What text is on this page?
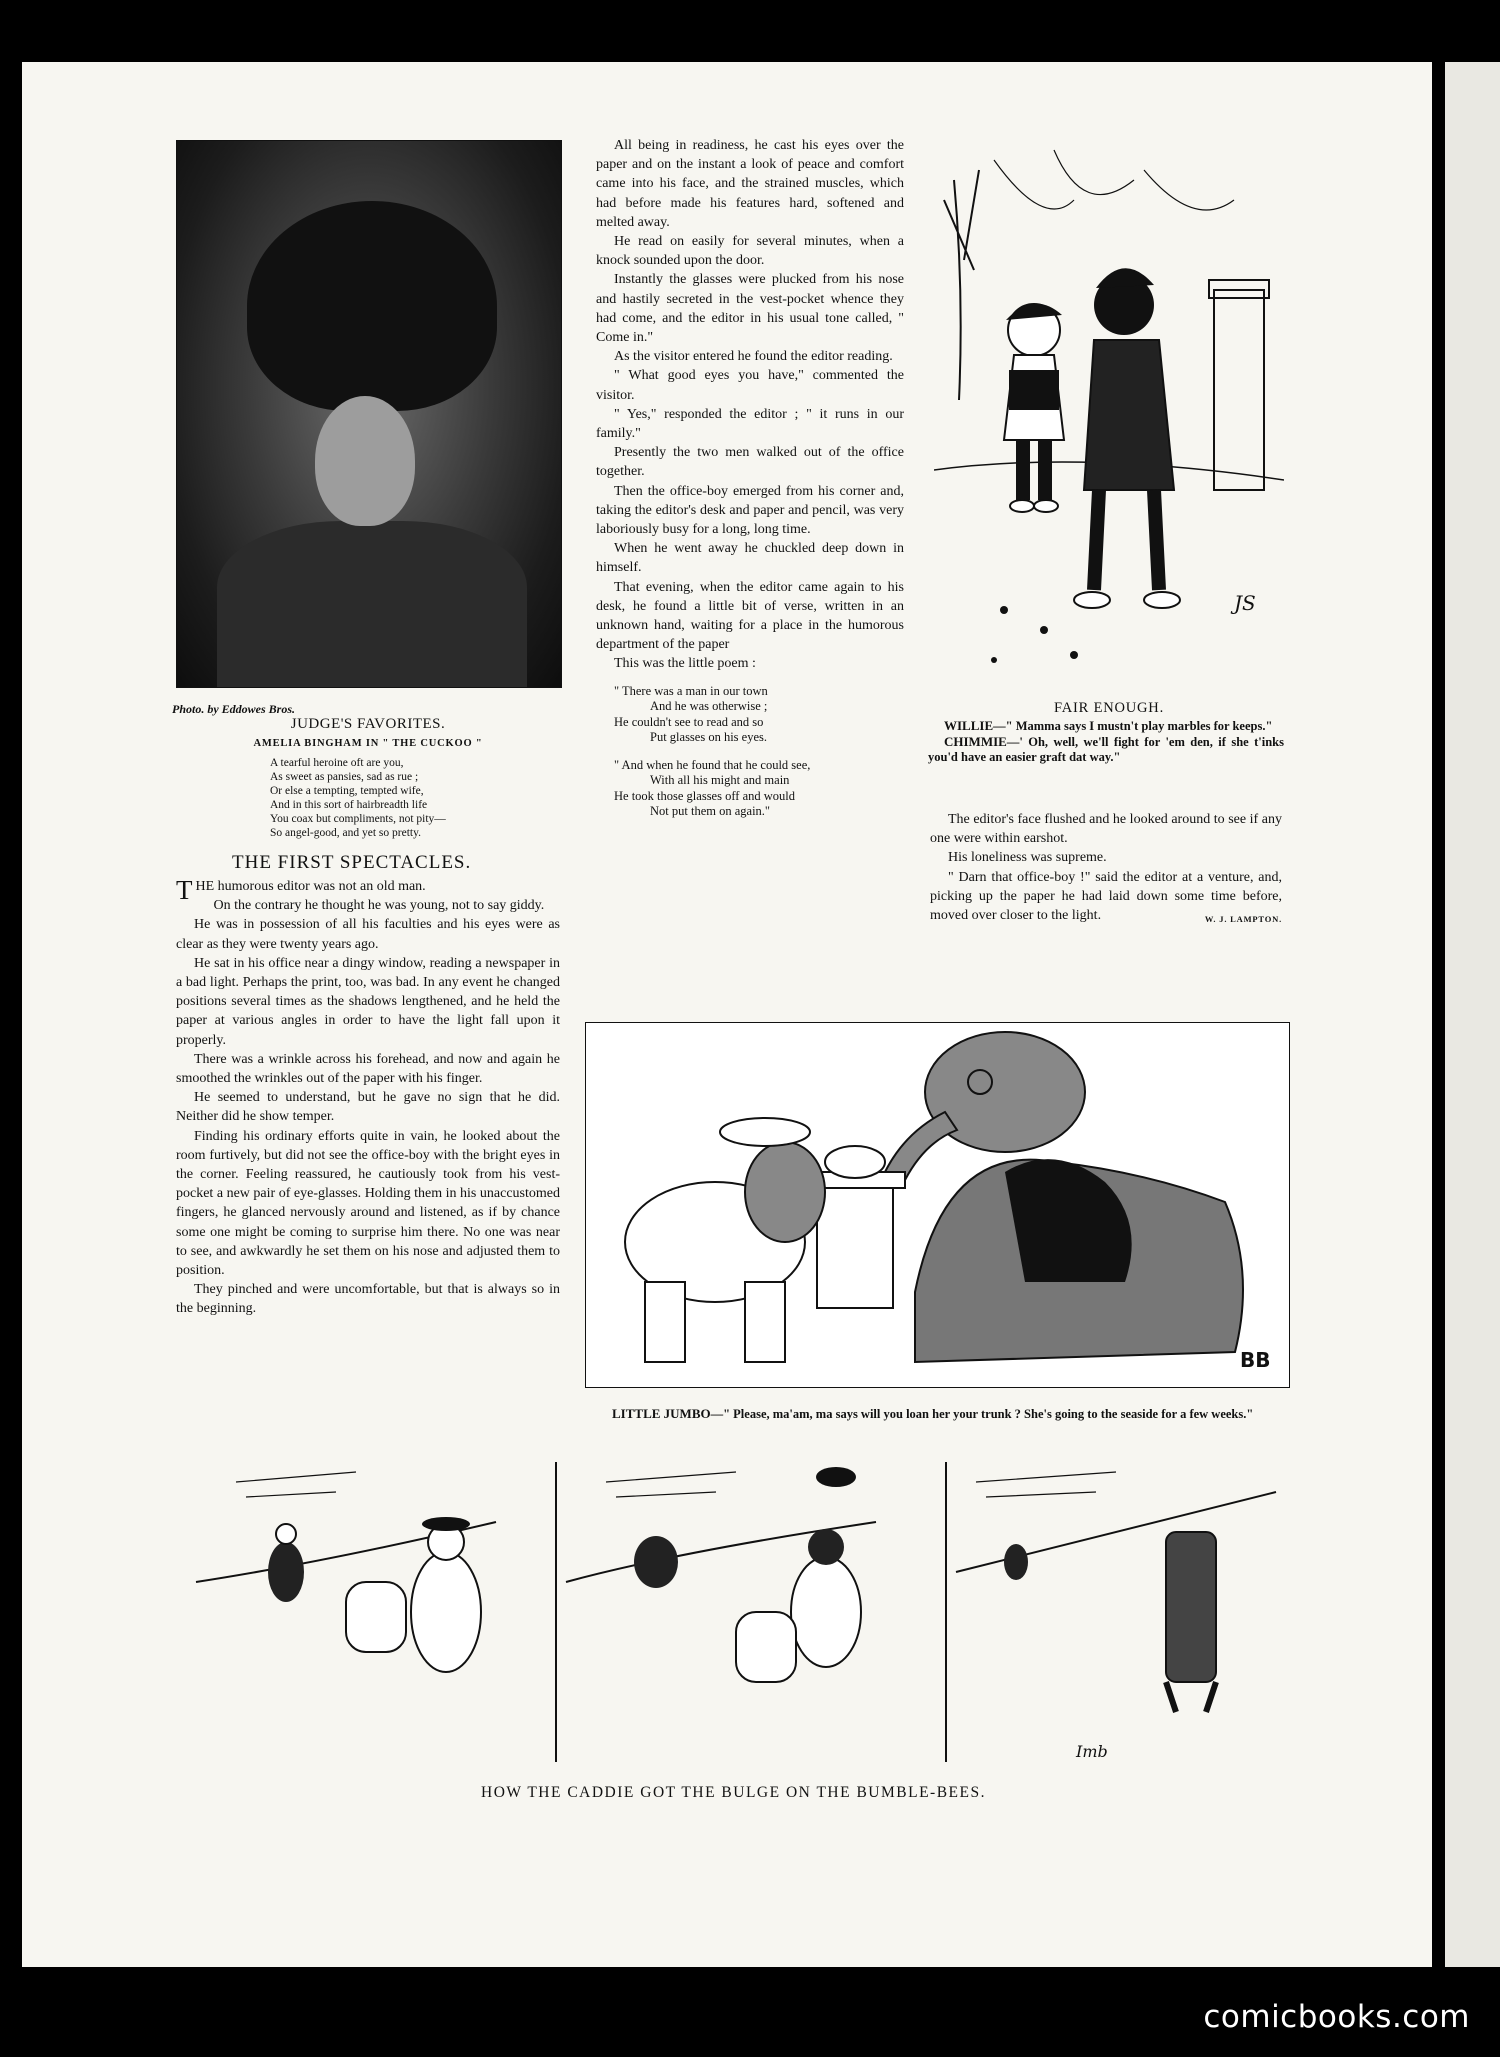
Photo. by Eddowes Bros.
JUDGE'S FAVORITES.
AMELIA BINGHAM IN " THE CUCKOO "
A tearful heroine oft are you,
As sweet as pansies, sad as rue ;
Or else a tempting, tempted wife,
And in this sort of hairbreadth life
You coax but compliments, not pity—
So angel-good, and yet so pretty.
THE FIRST SPECTACLES.

THE humorous editor was not an old man.

On the contrary he thought he was young, not to say giddy.

He was in possession of all his faculties and his eyes were as clear as they were twenty years ago.

He sat in his office near a dingy window, reading a newspaper in a bad light. Perhaps the print, too, was bad. In any event he changed positions several times as the shadows lengthened, and he held the paper at various angles in order to have the light fall upon it properly.

There was a wrinkle across his forehead, and now and again he smoothed the wrinkles out of the paper with his finger.

He seemed to understand, but he gave no sign that he did. Neither did he show temper.

Finding his ordinary efforts quite in vain, he looked about the room furtively, but did not see the office-boy with the bright eyes in the corner. Feeling reassured, he cautiously took from his vest-pocket a new pair of eye-glasses. Holding them in his unaccustomed fingers, he glanced nervously around and listened, as if by chance some one might be coming to surprise him there. No one was near to see, and awkwardly he set them on his nose and adjusted them to position.

They pinched and were uncomfortable, but that is always so in the beginning.

All being in readiness, he cast his eyes over the paper and on the instant a look of peace and comfort came into his face, and the strained muscles, which had before made his features hard, softened and melted away.

He read on easily for several minutes, when a knock sounded upon the door.

Instantly the glasses were plucked from his nose and hastily secreted in the vest-pocket whence they had come, and the editor in his usual tone called, " Come in."

As the visitor entered he found the editor reading.

" What good eyes you have," commented the visitor.

" Yes," responded the editor ; " it runs in our family."

Presently the two men walked out of the office together.

Then the office-boy emerged from his corner and, taking the editor's desk and paper and pencil, was very laboriously busy for a long, long time.

When he went away he chuckled deep down in himself.

That evening, when the editor came again to his desk, he found a little bit of verse, written in an unknown hand, waiting for a place in the humorous department of the paper

This was the little poem :

" There was a man in our town
And he was otherwise ;
He couldn't see to read and so
Put glasses on his eyes.
" And when he found that he could see,
With all his might and main
He took those glasses off and would
Not put them on again."

The editor's face flushed and he looked around to see if any one were within earshot.

His loneliness was supreme.

" Darn that office-boy !" said the editor at a venture, and, picking up the paper he had laid down some time before, moved over closer to the light.	W. J. LAMPTON.

JS
FAIR ENOUGH.

WILLIE—" Mamma says I mustn't play marbles for keeps."

CHIMMIE—' Oh, well, we'll fight for 'em den, if she t'inks you'd have an easier graft dat way."

BB
LITTLE JUMBO—" Please, ma'am, ma says will you loan her your trunk ? She's going to the seaside for a few weeks."
Imb
HOW THE CADDIE GOT THE BULGE ON THE BUMBLE-BEES.
comicbooks.com
